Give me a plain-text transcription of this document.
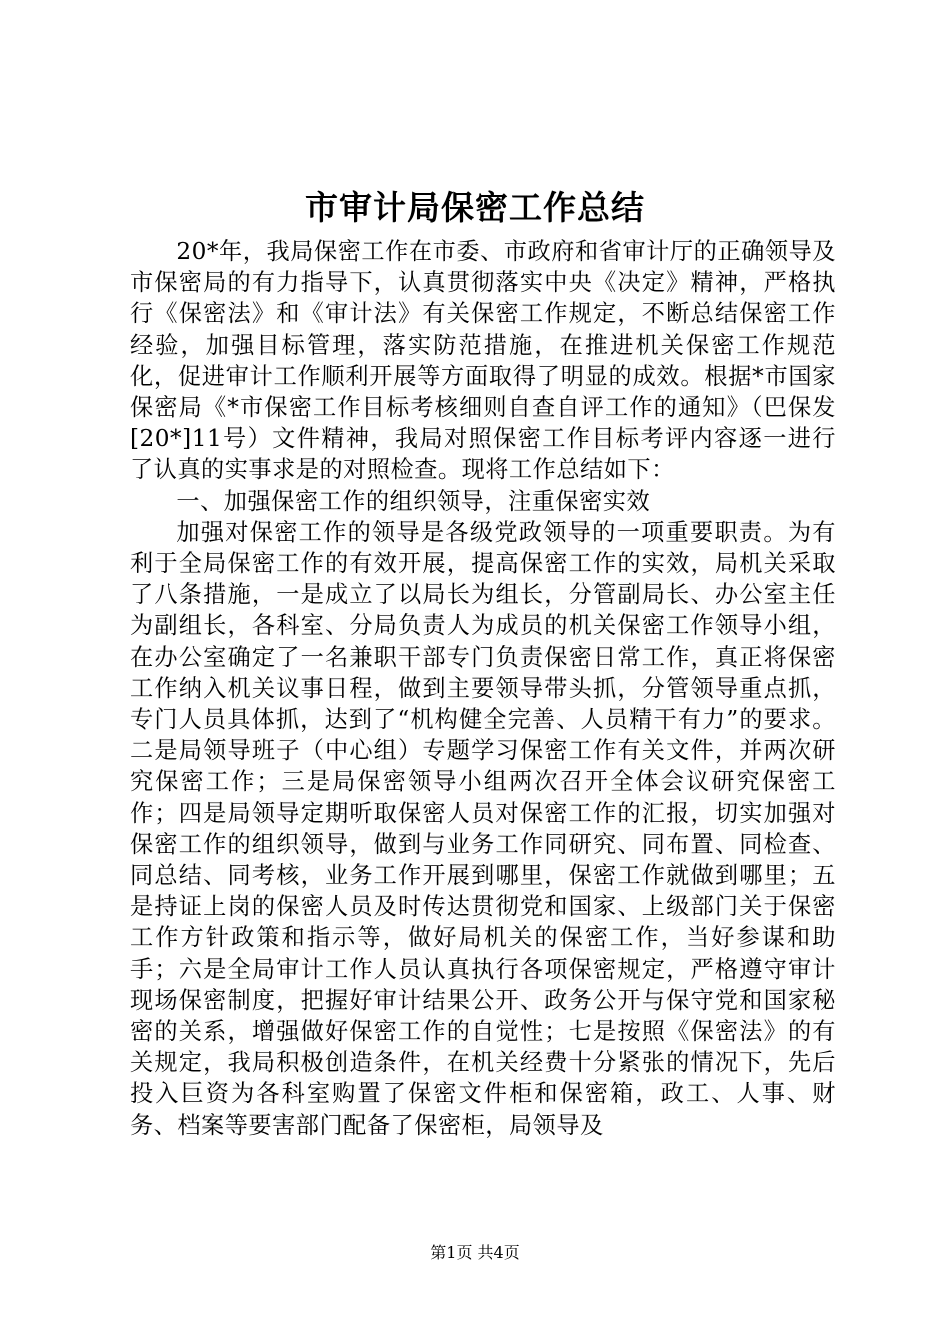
市审计局保密工作总结

20*年，我局保密工作在市委、市政府和省审计厅的正确领导及市保密局的有力指导下，认真贯彻落实中央《决定》精神，严格执行《保密法》和《审计法》有关保密工作规定，不断总结保密工作经验，加强目标管理，落实防范措施，在推进机关保密工作规范化，促进审计工作顺利开展等方面取得了明显的成效。根据*市国家保密局《*市保密工作目标考核细则自查自评工作的通知》（巴保发[20*]11号）文件精神，我局对照保密工作目标考评内容逐一进行了认真的实事求是的对照检查。现将工作总结如下：

一、加强保密工作的组织领导，注重保密实效

加强对保密工作的领导是各级党政领导的一项重要职责。为有利于全局保密工作的有效开展，提高保密工作的实效，局机关采取了八条措施，一是成立了以局长为组长，分管副局长、办公室主任为副组长，各科室、分局负责人为成员的机关保密工作领导小组，在办公室确定了一名兼职干部专门负责保密日常工作，真正将保密工作纳入机关议事日程，做到主要领导带头抓，分管领导重点抓，专门人员具体抓，达到了“机构健全完善、人员精干有力”的要求。二是局领导班子（中心组）专题学习保密工作有关文件，并两次研究保密工作；三是局保密领导小组两次召开全体会议研究保密工作；四是局领导定期听取保密人员对保密工作的汇报，切实加强对保密工作的组织领导，做到与业务工作同研究、同布置、同检查、同总结、同考核，业务工作开展到哪里，保密工作就做到哪里；五是持证上岗的保密人员及时传达贯彻党和国家、上级部门关于保密工作方针政策和指示等，做好局机关的保密工作，当好参谋和助手；六是全局审计工作人员认真执行各项保密规定，严格遵守审计现场保密制度，把握好审计结果公开、政务公开与保守党和国家秘密的关系，增强做好保密工作的自觉性；七是按照《保密法》的有关规定，我局积极创造条件，在机关经费十分紧张的情况下，先后投入巨资为各科室购置了保密文件柜和保密箱，政工、人事、财务、档案等要害部门配备了保密柜，局领导及

第1页 共4页
